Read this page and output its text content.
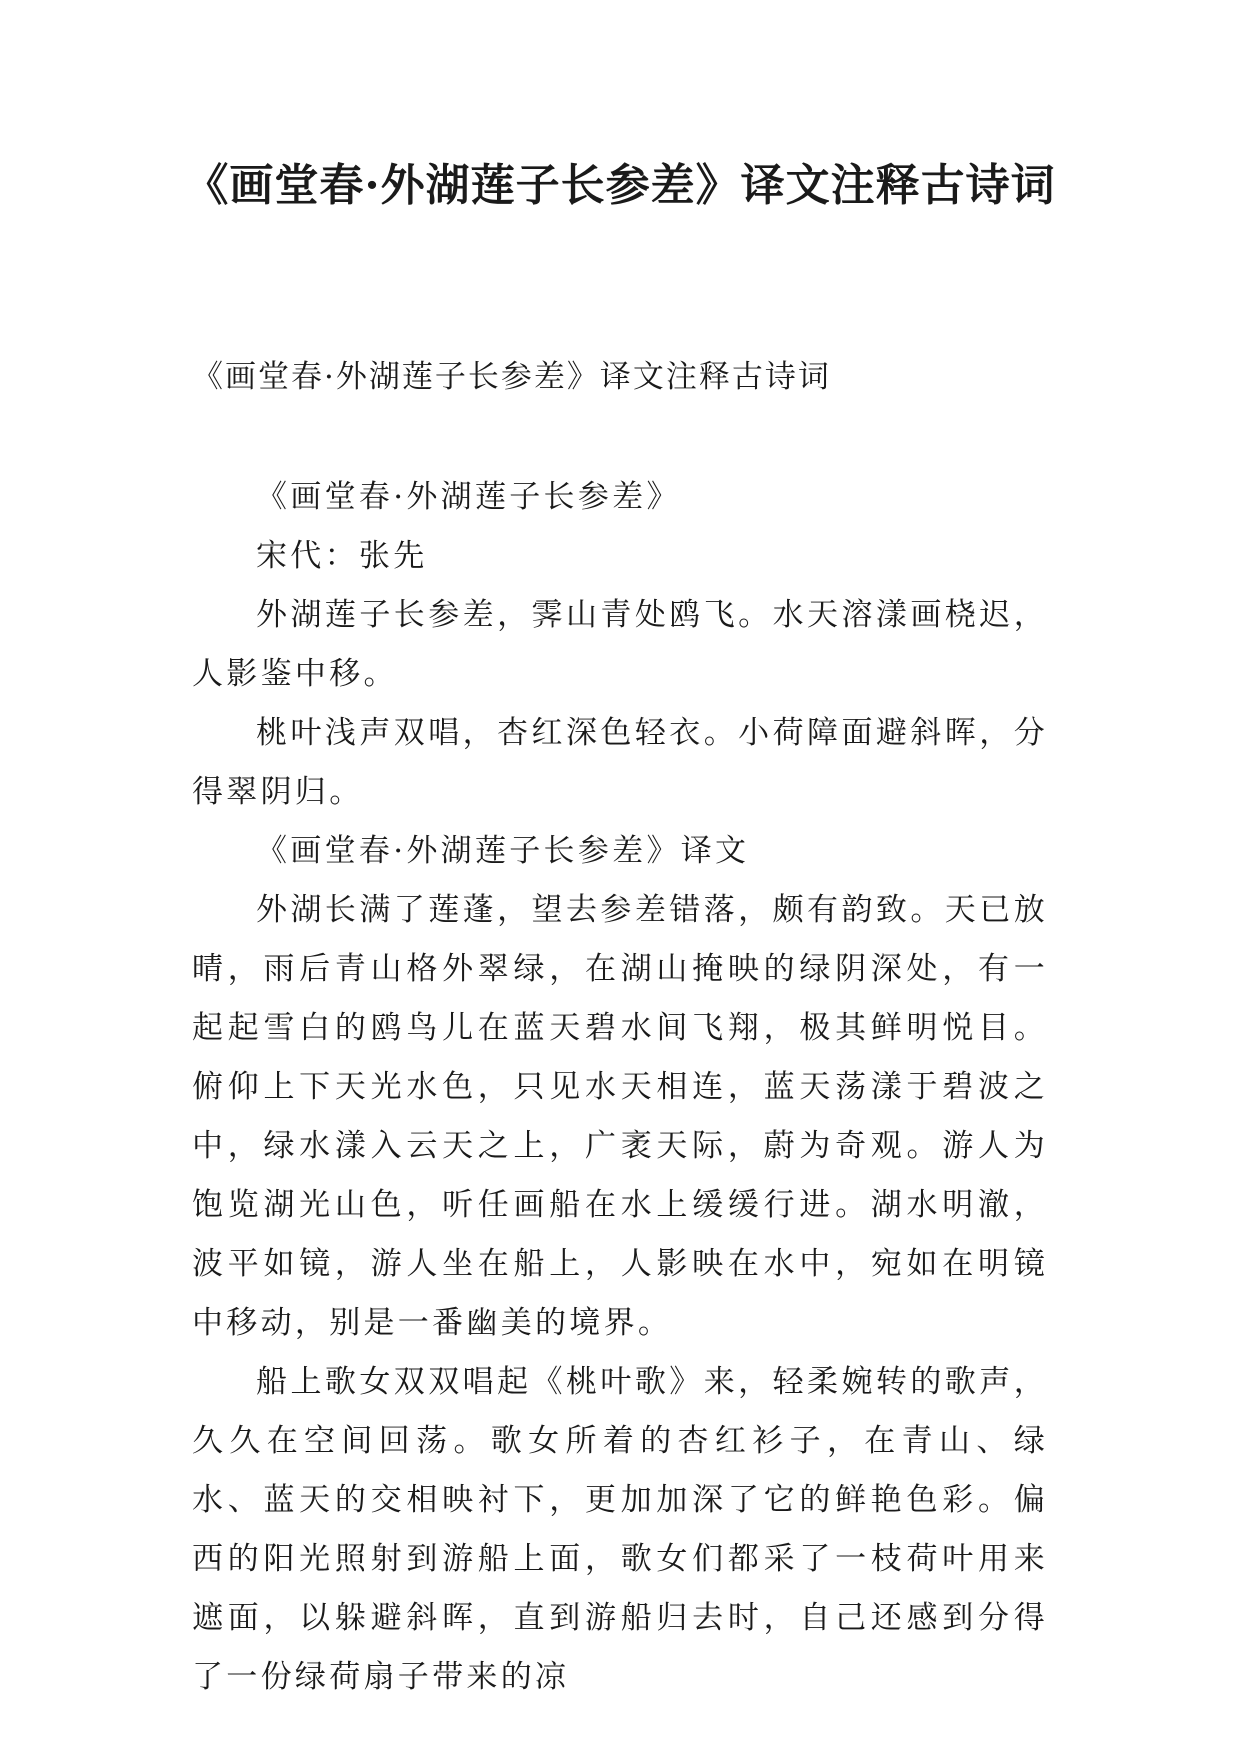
《画堂春·外湖莲子长参差》译文注释古诗词

《画堂春·外湖莲子长参差》译文注释古诗词

《画堂春·外湖莲子长参差》

宋代：张先

外湖莲子长参差，霁山青处鸥飞。水天溶漾画桡迟，人影鉴中移。

桃叶浅声双唱，杏红深色轻衣。小荷障面避斜晖，分得翠阴归。

《画堂春·外湖莲子长参差》译文

外湖长满了莲蓬，望去参差错落，颇有韵致。天已放晴，雨后青山格外翠绿，在湖山掩映的绿阴深处，有一起起雪白的鸥鸟儿在蓝天碧水间飞翔，极其鲜明悦目。俯仰上下天光水色，只见水天相连，蓝天荡漾于碧波之中，绿水漾入云天之上，广袤天际，蔚为奇观。游人为饱览湖光山色，听任画船在水上缓缓行进。湖水明澈，波平如镜，游人坐在船上，人影映在水中，宛如在明镜中移动，别是一番幽美的境界。

船上歌女双双唱起《桃叶歌》来，轻柔婉转的歌声，久久在空间回荡。歌女所着的杏红衫子，在青山、绿水、蓝天的交相映衬下，更加加深了它的鲜艳色彩。偏西的阳光照射到游船上面，歌女们都采了一枝荷叶用来遮面，以躲避斜晖，直到游船归去时，自己还感到分得了一份绿荷扇子带来的凉
